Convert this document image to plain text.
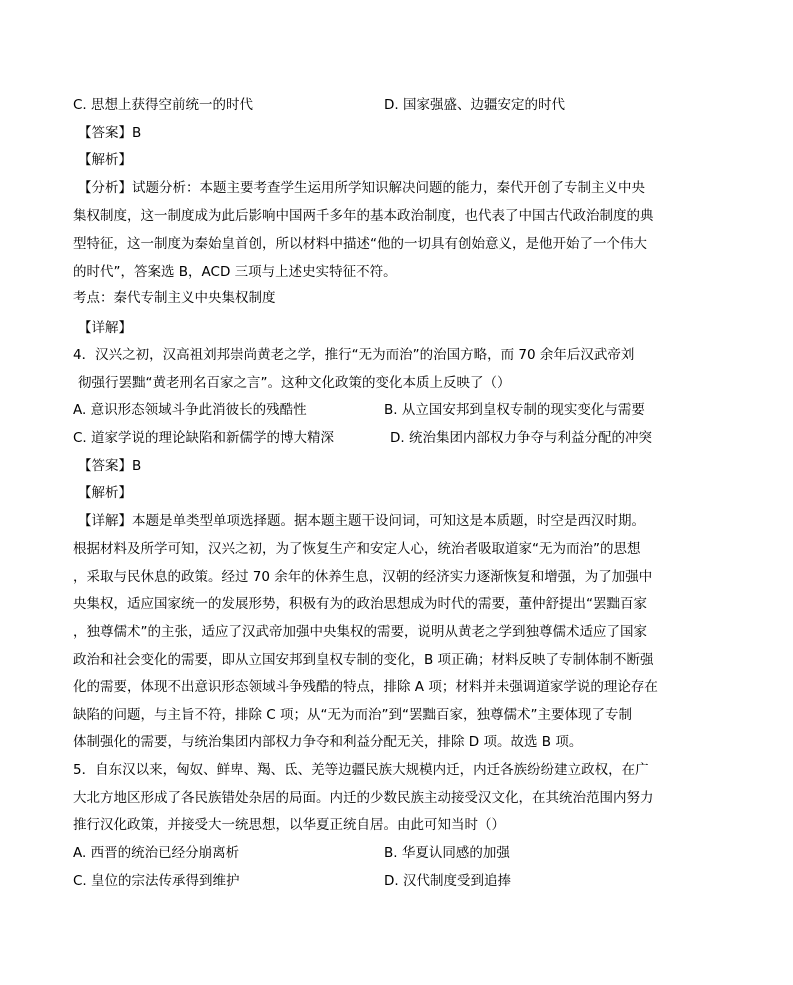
C. 思想上获得空前统一的时代	D. 国家强盛、边疆安定的时代
【答案】B
【解析】
【分析】试题分析：本题主要考查学生运用所学知识解决问题的能力，秦代开创了专制主义中央
集权制度，这一制度成为此后影响中国两千多年的基本政治制度，也代表了中国古代政治制度的典
型特征，这一制度为秦始皇首创，所以材料中描述“他的一切具有创始意义，是他开始了一个伟大
的时代”，答案选 B，ACD 三项与上述史实特征不符。
考点：秦代专制主义中央集权制度
【详解】
4．汉兴之初，汉高祖刘邦崇尚黄老之学，推行“无为而治”的治国方略，而 70 余年后汉武帝刘
彻强行罢黜“黄老刑名百家之言”。这种文化政策的变化本质上反映了（）
A. 意识形态领域斗争此消彼长的残酷性	B. 从立国安邦到皇权专制的现实变化与需要
C. 道家学说的理论缺陷和新儒学的博大精深	D. 统治集团内部权力争夺与利益分配的冲突
【答案】B
【解析】
【详解】本题是单类型单项选择题。据本题主题干设问词，可知这是本质题，时空是西汉时期。
根据材料及所学可知，汉兴之初，为了恢复生产和安定人心，统治者吸取道家“无为而治”的思想
，采取与民休息的政策。经过 70 余年的休养生息，汉朝的经济实力逐渐恢复和增强，为了加强中
央集权，适应国家统一的发展形势，积极有为的政治思想成为时代的需要，董仲舒提出“罢黜百家
，独尊儒术”的主张，适应了汉武帝加强中央集权的需要，说明从黄老之学到独尊儒术适应了国家
政治和社会变化的需要，即从立国安邦到皇权专制的变化，B 项正确；材料反映了专制体制不断强
化的需要，体现不出意识形态领域斗争残酷的特点，排除 A 项；材料并未强调道家学说的理论存在
缺陷的问题，与主旨不符，排除 C 项；从“无为而治”到“罢黜百家，独尊儒术”主要体现了专制
体制强化的需要，与统治集团内部权力争夺和利益分配无关，排除 D 项。故选 B 项。
5．自东汉以来，匈奴、鲜卑、羯、氐、羌等边疆民族大规模内迁，内迁各族纷纷建立政权，在广
大北方地区形成了各民族错处杂居的局面。内迁的少数民族主动接受汉文化，在其统治范围内努力
推行汉化政策，并接受大一统思想，以华夏正统自居。由此可知当时（）
A. 西晋的统治已经分崩离析	B. 华夏认同感的加强
C. 皇位的宗法传承得到维护	D. 汉代制度受到追捧
